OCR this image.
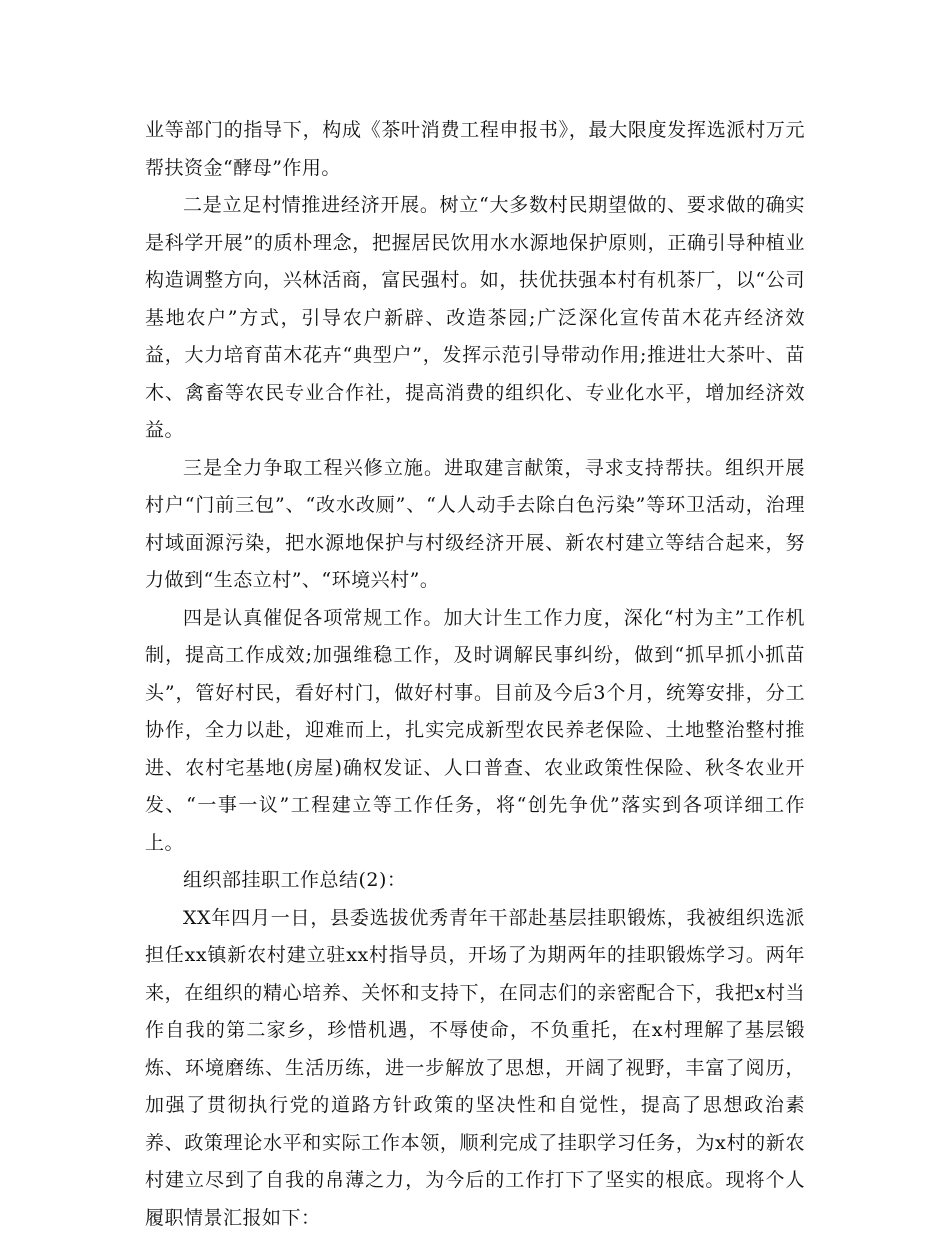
业等部门的指导下，构成《茶叶消费工程申报书》，最大限度发挥选派村万元帮扶资金“酵母”作用。

二是立足村情推进经济开展。树立“大多数村民期望做的、要求做的确实是科学开展”的质朴理念，把握居民饮用水水源地保护原则，正确引导种植业构造调整方向，兴林活商，富民强村。如，扶优扶强本村有机茶厂，以“公司基地农户”方式，引导农户新辟、改造茶园;广泛深化宣传苗木花卉经济效益，大力培育苗木花卉“典型户”，发挥示范引导带动作用;推进壮大茶叶、苗木、禽畜等农民专业合作社，提高消费的组织化、专业化水平，增加经济效益。

三是全力争取工程兴修立施。进取建言献策，寻求支持帮扶。组织开展村户“门前三包”、“改水改厕”、“人人动手去除白色污染”等环卫活动，治理村域面源污染，把水源地保护与村级经济开展、新农村建立等结合起来，努力做到“生态立村”、“环境兴村”。

四是认真催促各项常规工作。加大计生工作力度，深化“村为主”工作机制，提高工作成效;加强维稳工作，及时调解民事纠纷，做到“抓早抓小抓苗头”，管好村民，看好村门，做好村事。目前及今后3个月，统筹安排，分工协作，全力以赴，迎难而上，扎实完成新型农民养老保险、土地整治整村推进、农村宅基地(房屋)确权发证、人口普查、农业政策性保险、秋冬农业开发、“一事一议”工程建立等工作任务，将“创先争优”落实到各项详细工作上。

组织部挂职工作总结(2)：

XX年四月一日，县委选拔优秀青年干部赴基层挂职锻炼，我被组织选派担任xx镇新农村建立驻xx村指导员，开场了为期两年的挂职锻炼学习。两年来，在组织的精心培养、关怀和支持下，在同志们的亲密配合下，我把x村当作自我的第二家乡，珍惜机遇，不辱使命，不负重托，在x村理解了基层锻炼、环境磨练、生活历练，进一步解放了思想，开阔了视野，丰富了阅历，加强了贯彻执行党的道路方针政策的坚决性和自觉性，提高了思想政治素养、政策理论水平和实际工作本领，顺利完成了挂职学习任务，为x村的新农村建立尽到了自我的帛薄之力，为今后的工作打下了坚实的根底。现将个人履职情景汇报如下：
